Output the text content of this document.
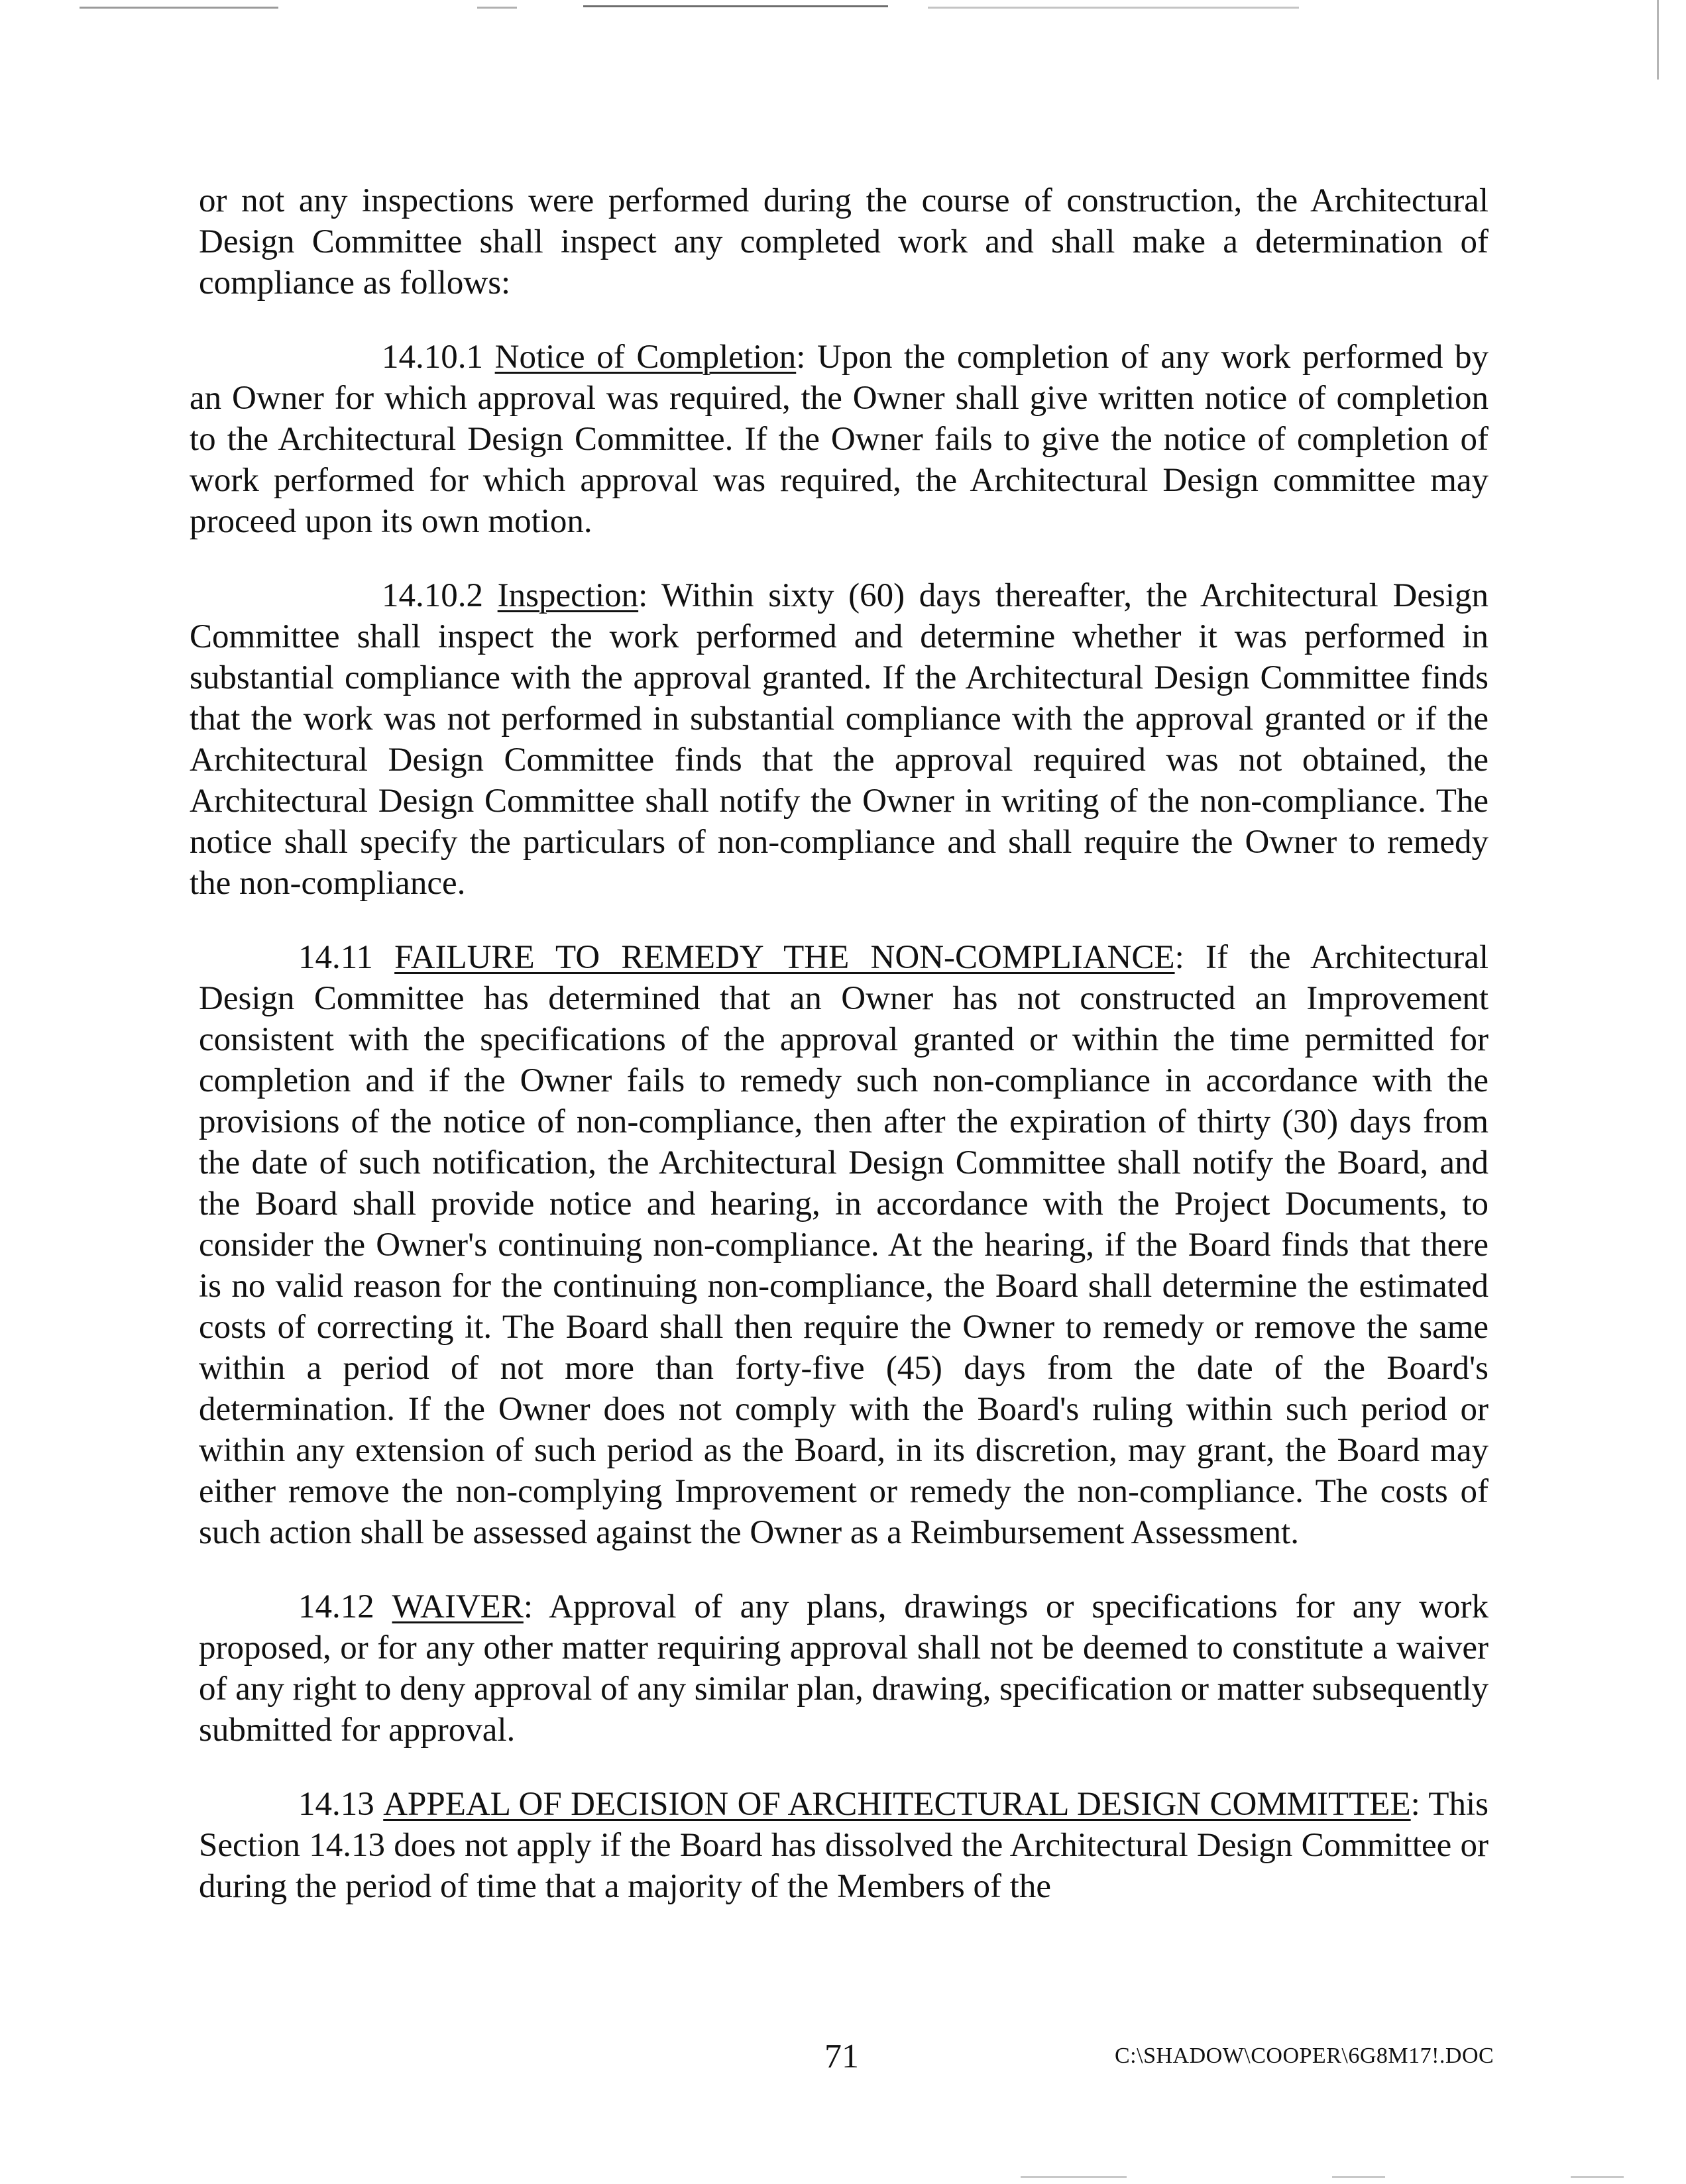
or not any inspections were performed during the course of construction, the Architectural Design Committee shall inspect any completed work and shall make a determination of compliance as follows:

14.10.1 Notice of Completion: Upon the completion of any work performed by an Owner for which approval was required, the Owner shall give written notice of completion to the Architectural Design Committee. If the Owner fails to give the notice of completion of work performed for which approval was required, the Architectural Design committee may proceed upon its own motion.

14.10.2 Inspection: Within sixty (60) days thereafter, the Architectural Design Committee shall inspect the work performed and determine whether it was performed in substantial compliance with the approval granted. If the Architectural Design Committee finds that the work was not performed in substantial compliance with the approval granted or if the Architectural Design Committee finds that the approval required was not obtained, the Architectural Design Committee shall notify the Owner in writing of the non-compliance. The notice shall specify the particulars of non-compliance and shall require the Owner to remedy the non-compliance.

14.11 FAILURE TO REMEDY THE NON-COMPLIANCE: If the Architectural Design Committee has determined that an Owner has not constructed an Improvement consistent with the specifications of the approval granted or within the time permitted for completion and if the Owner fails to remedy such non-compliance in accordance with the provisions of the notice of non-compliance, then after the expiration of thirty (30) days from the date of such notification, the Architectural Design Committee shall notify the Board, and the Board shall provide notice and hearing, in accordance with the Project Documents, to consider the Owner's continuing non-compliance. At the hearing, if the Board finds that there is no valid reason for the continuing non-compliance, the Board shall determine the estimated costs of correcting it. The Board shall then require the Owner to remedy or remove the same within a period of not more than forty-five (45) days from the date of the Board's determination. If the Owner does not comply with the Board's ruling within such period or within any extension of such period as the Board, in its discretion, may grant, the Board may either remove the non-complying Improvement or remedy the non-compliance. The costs of such action shall be assessed against the Owner as a Reimbursement Assessment.

14.12 WAIVER: Approval of any plans, drawings or specifications for any work proposed, or for any other matter requiring approval shall not be deemed to constitute a waiver of any right to deny approval of any similar plan, drawing, specification or matter subsequently submitted for approval.

14.13 APPEAL OF DECISION OF ARCHITECTURAL DESIGN COMMITTEE: This Section 14.13 does not apply if the Board has dissolved the Architectural Design Committee or during the period of time that a majority of the Members of the

71	C:\SHADOW\COOPER\6G8M17!.DOC
